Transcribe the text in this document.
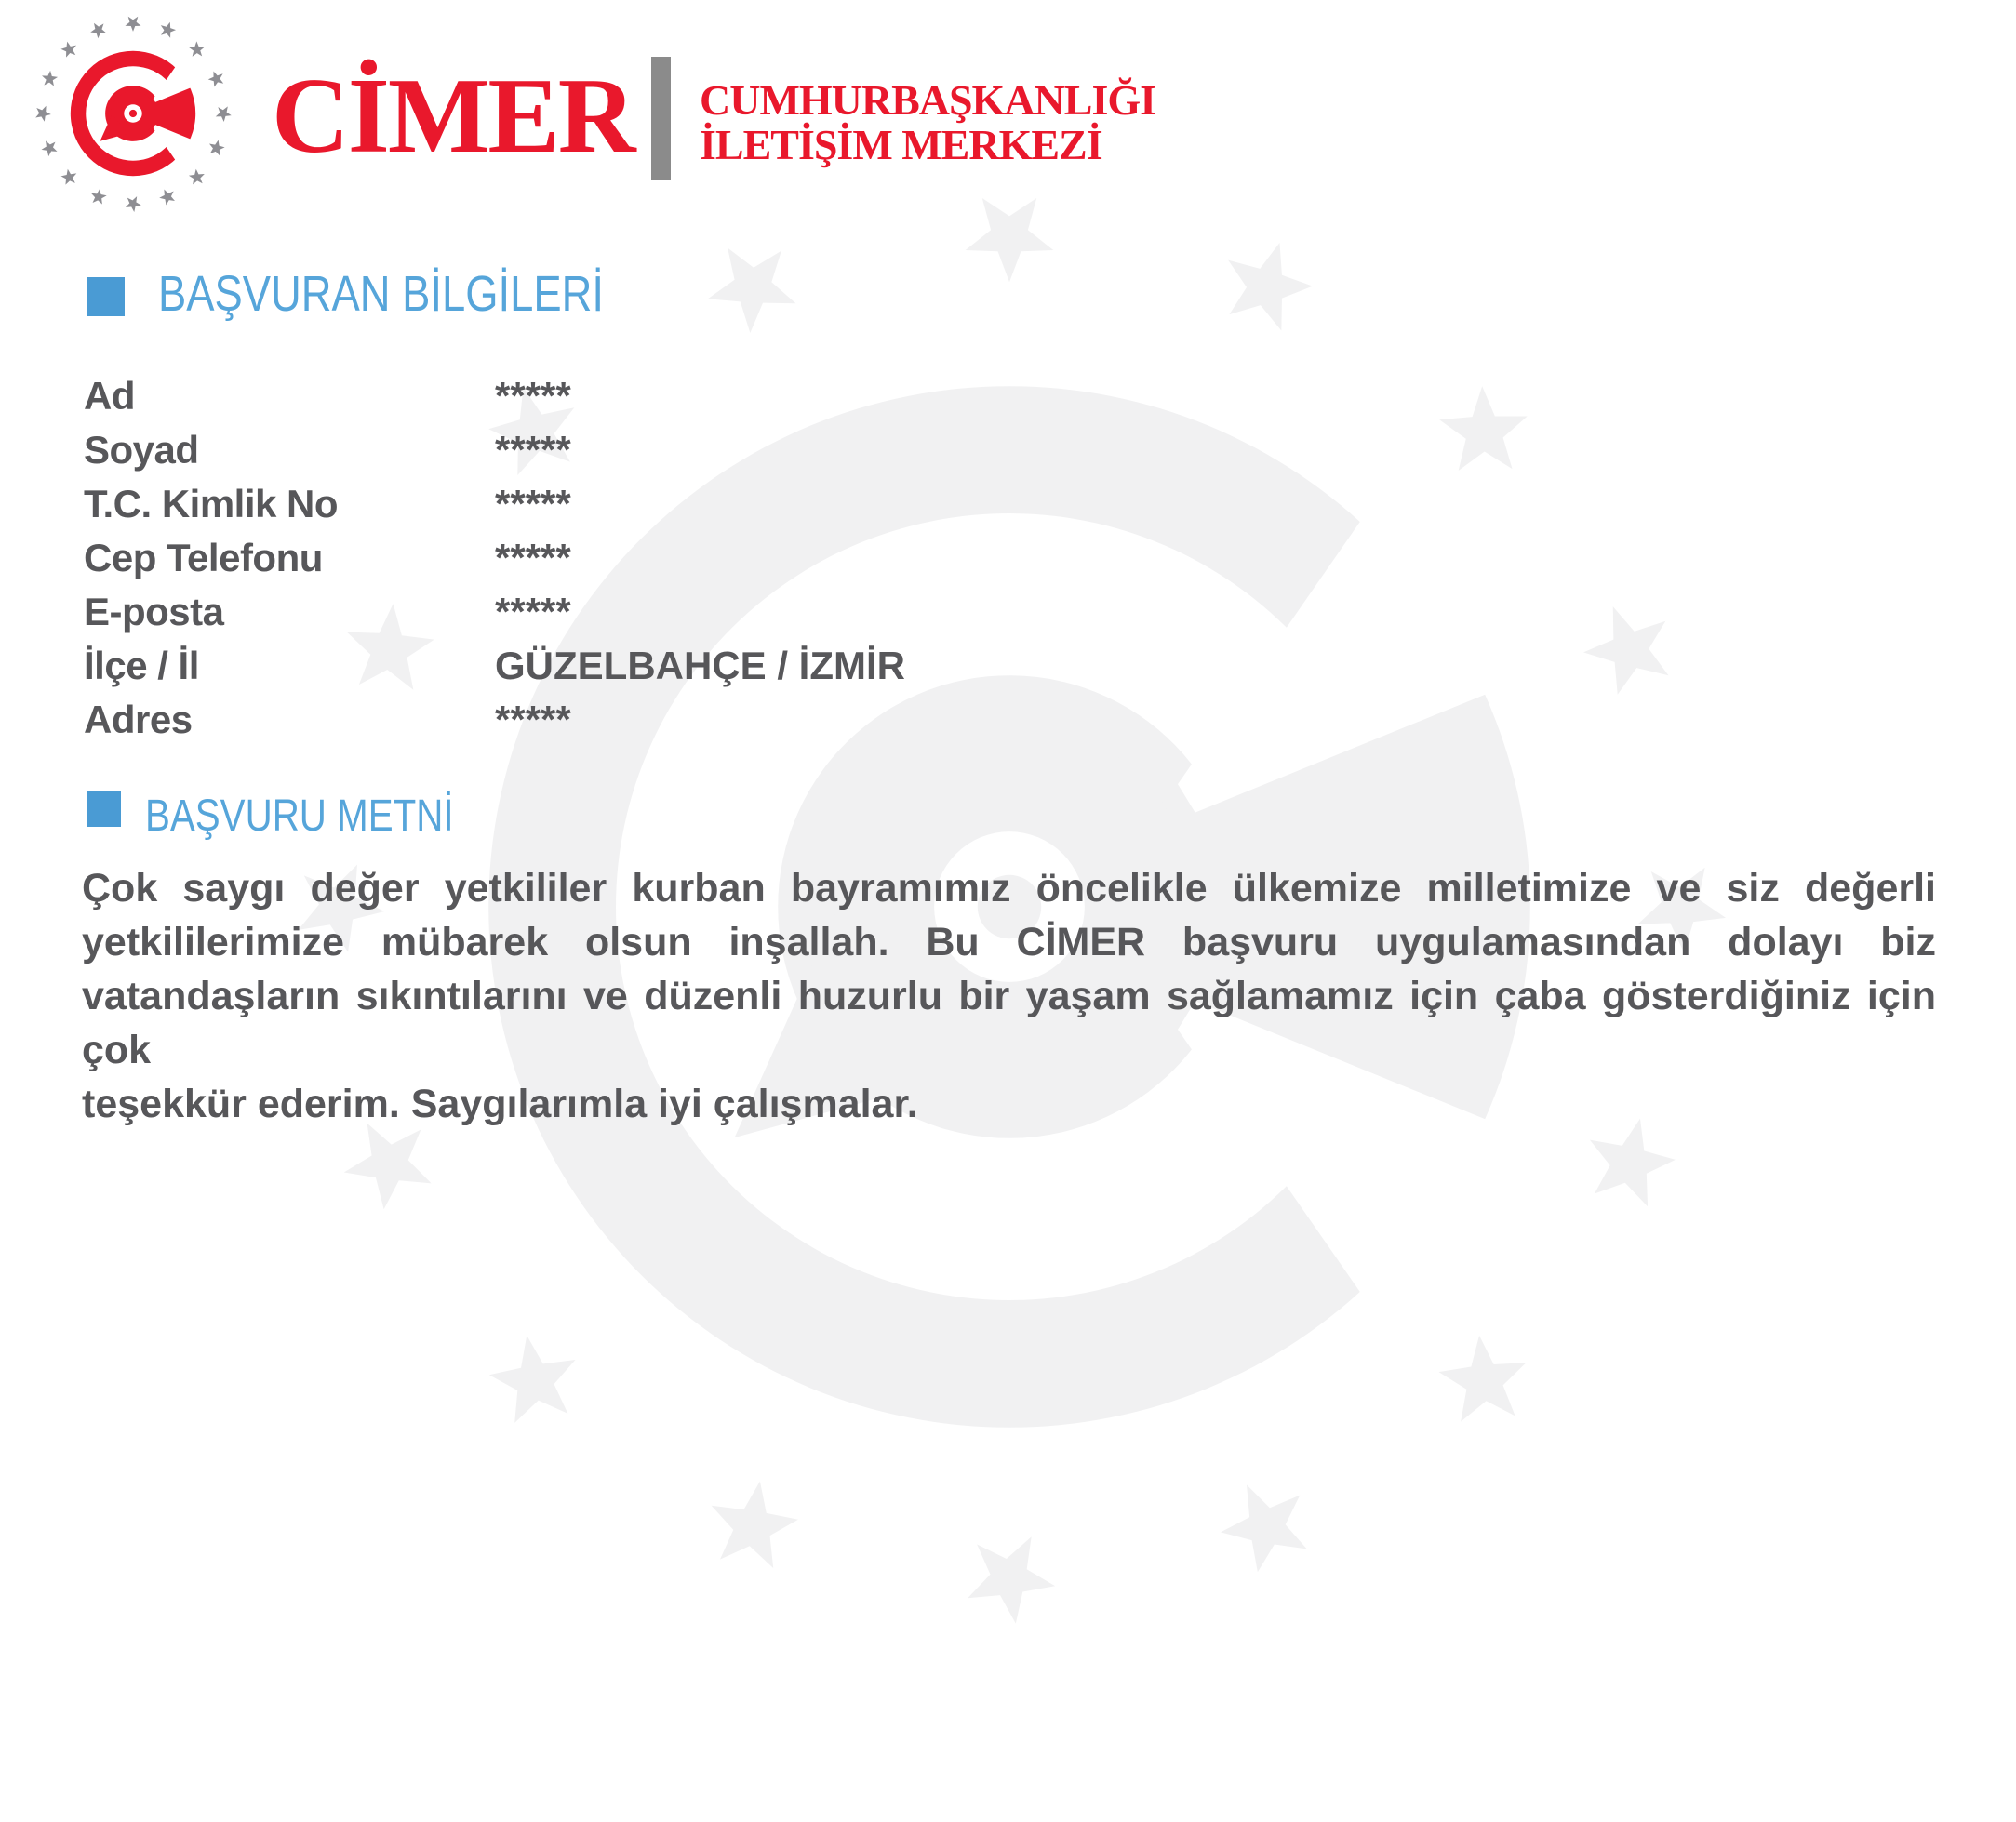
CİMER CUMHURBAŞKANLIĞI
İLETİŞİM MERKEZİ
BAŞVURAN BİLGİLERİ
Ad	*****
Soyad	*****
T.C. Kimlik No	*****
Cep Telefonu	*****
E-posta	*****
İlçe / İl	GÜZELBAHÇE / İZMİR
Adres	*****
BAŞVURU METNİ
Çok saygı değer yetkililer kurban bayramımız öncelikle ülkemize milletimize ve siz değerli
yetkililerimize mübarek olsun inşallah. Bu CİMER başvuru uygulamasından dolayı biz
vatandaşların sıkıntılarını ve düzenli huzurlu bir yaşam sağlamamız için çaba gösterdiğiniz için çok
teşekkür ederim. Saygılarımla iyi çalışmalar.
